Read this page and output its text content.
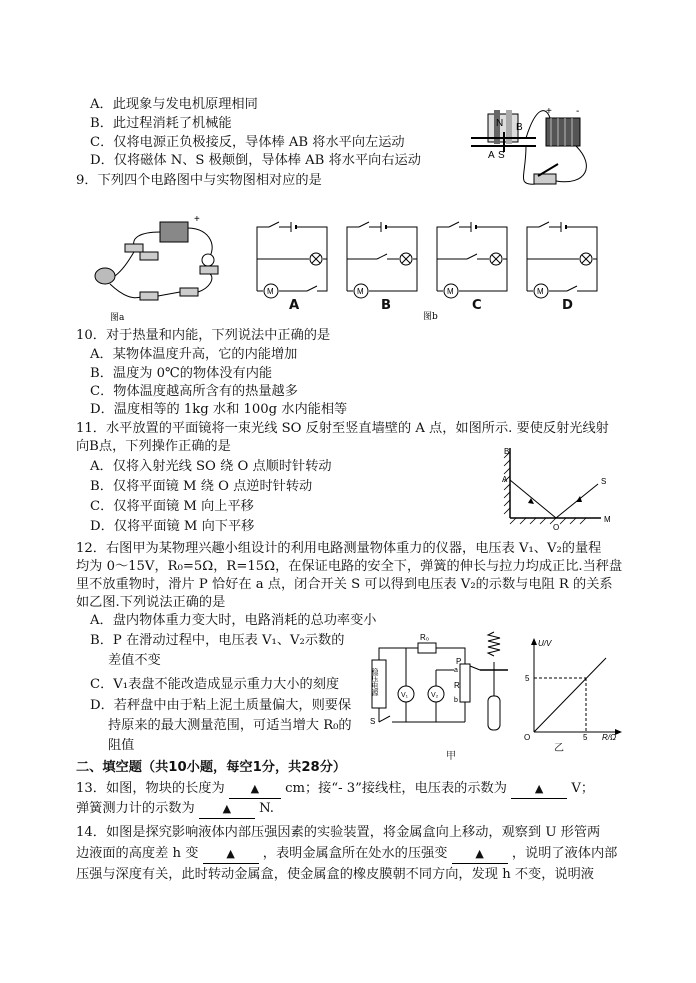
A．此现象与发电机原理相同
B．此过程消耗了机械能
C．仅将电源正负极接反，导体棒 AB 将水平向左运动
D．仅将磁体 N、S 极颠倒，导体棒 AB 将水平向右运动
N B
A S
+ -
9．下列四个电路图中与实物图相对应的是
+
图a
M	M	M	M
图b
A	B	C	D
10．对于热量和内能，下列说法中正确的是
A．某物体温度升高，它的内能增加
B．温度为 0℃的物体没有内能
C．物体温度越高所含有的热量越多
D．温度相等的 1kg 水和 100g 水内能相等
11．水平放置的平面镜将一束光线 SO 反射至竖直墙壁的 A 点，如图所示. 要使反射光线射
向B点，下列操作正确的是
A．仅将入射光线 SO 绕 O 点顺时针转动
B．仅将平面镜 M 绕 O 点逆时针转动
C．仅将平面镜 M 向上平移
D．仅将平面镜 M 向下平移
B
A	S
O
M
12．右图甲为某物理兴趣小组设计的利用电路测量物体重力的仪器，电压表 V₁、V₂的量程
均为 0～15V，R₀=5Ω，R=15Ω，在保证电路的安全下，弹簧的伸长与拉力均成正比.当秤盘
里不放重物时，滑片 P 恰好在 a 点，闭合开关 S 可以得到电压表 V₂的示数与电阻 R 的关系
如乙图.下列说法正确的是
A．盘内物体重力变大时，电路消耗的总功率变小
B．P 在滑动过程中，电压表 V₁、V₂示数的
差值不变
C．V₁表盘不能改造成显示重力大小的刻度
D．若秤盘中由于粘上泥土质量偏大，则要保
持原来的最大测量范围，可适当增大 R₀的
阻值
稳压电源
R₀
S
V₁	V₂
P
a
R
b
甲
U/V
R/Ω
O
5
5
乙
二、填空题（共10小题，每空1分，共28分）
13．如图，物块的长度为 ▲ cm；接“- 3”接线柱，电压表的示数为	▲ V；
弹簧测力计的示数为	▲ N.
14．如图是探究影响液体内部压强因素的实验装置，将金属盒向上移动，观察到 U 形管两
边液面的高度差 h 变	▲ ，表明金属盒所在处水的压强变	▲ ，说明了液体内部
压强与深度有关，此时转动金属盒，使金属盒的橡皮膜朝不同方向，发现 h 不变，说明液
